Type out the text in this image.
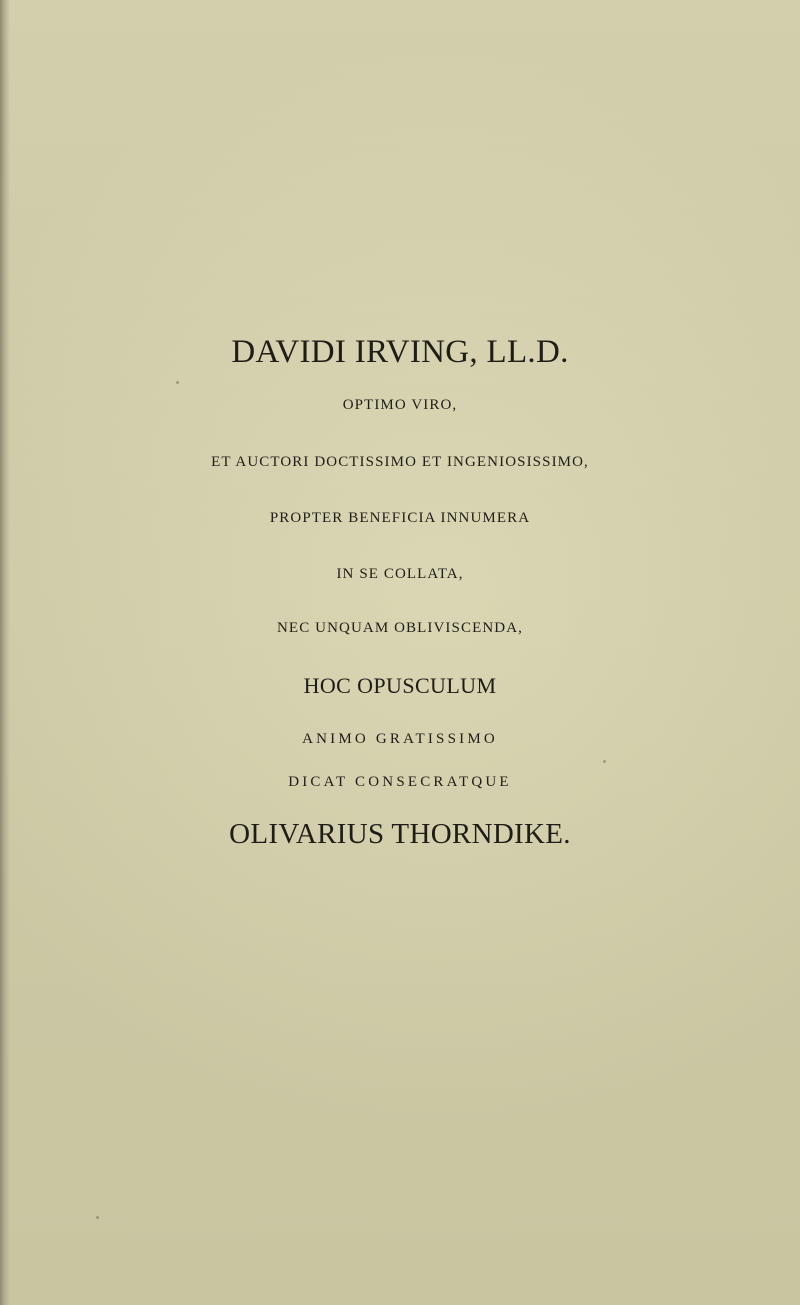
DAVIDI IRVING, LL.D.
OPTIMO VIRO,
ET AUCTORI DOCTISSIMO ET INGENIOSISSIMO,
PROPTER BENEFICIA INNUMERA
IN SE COLLATA,
NEC UNQUAM OBLIVISCENDA,
HOC OPUSCULUM
ANIMO GRATISSIMO
DICAT CONSECRATQUE
OLIVARIUS THORNDIKE.
